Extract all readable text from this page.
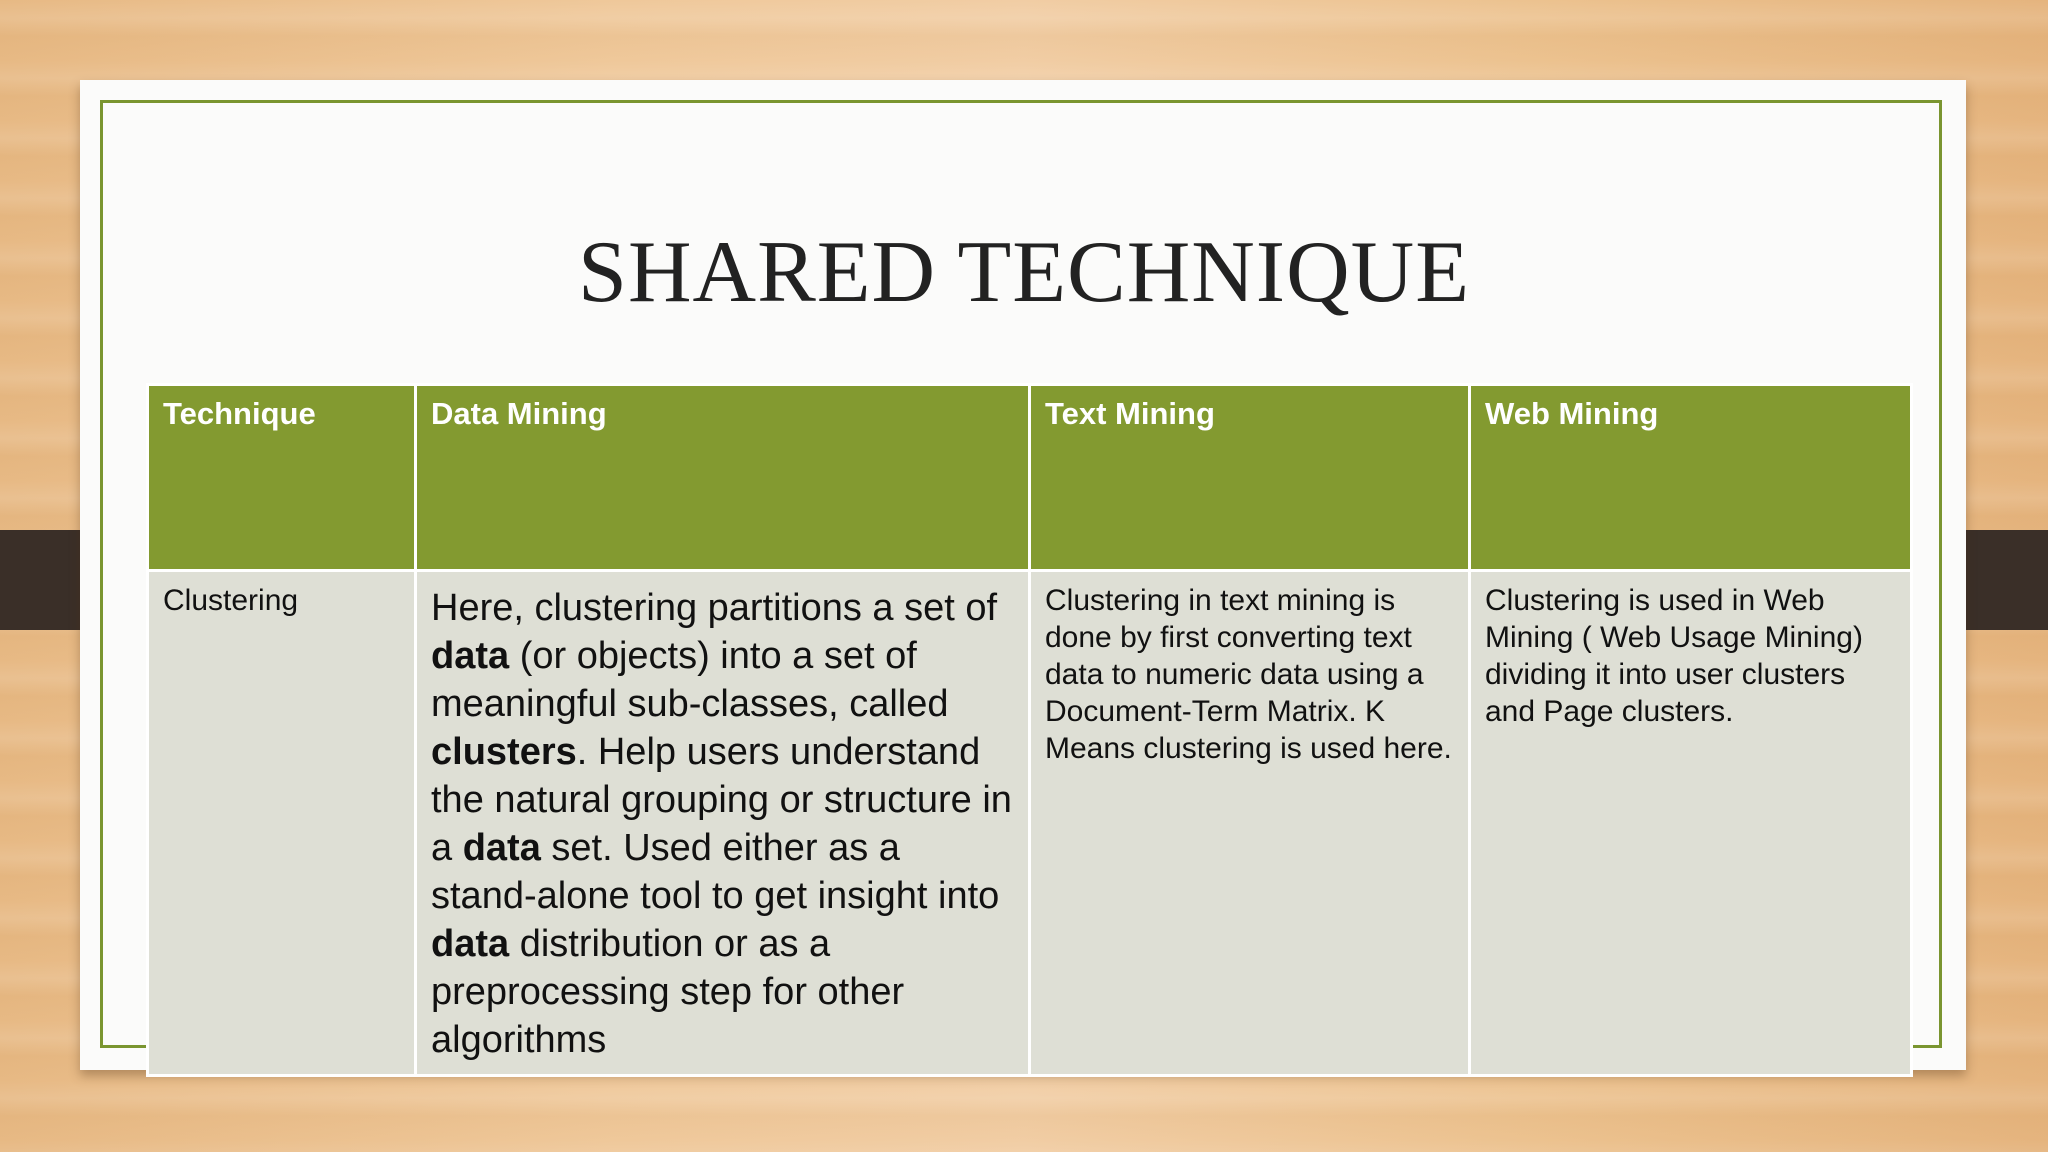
SHARED TECHNIQUE
Technique	Data Mining	Text Mining	Web Mining
Clustering	Here, clustering partitions a set of data (or objects) into a set of meaningful sub-classes, called clusters. Help users understand the natural grouping or structure in a data set. Used either as a stand-alone tool to get insight into data distribution or as a preprocessing step for other algorithms	Clustering in text mining is done by first converting text data to numeric data using a Document-Term Matrix. K Means clustering is used here.	Clustering is used in Web Mining ( Web Usage Mining) dividing it into user clusters and Page clusters.
